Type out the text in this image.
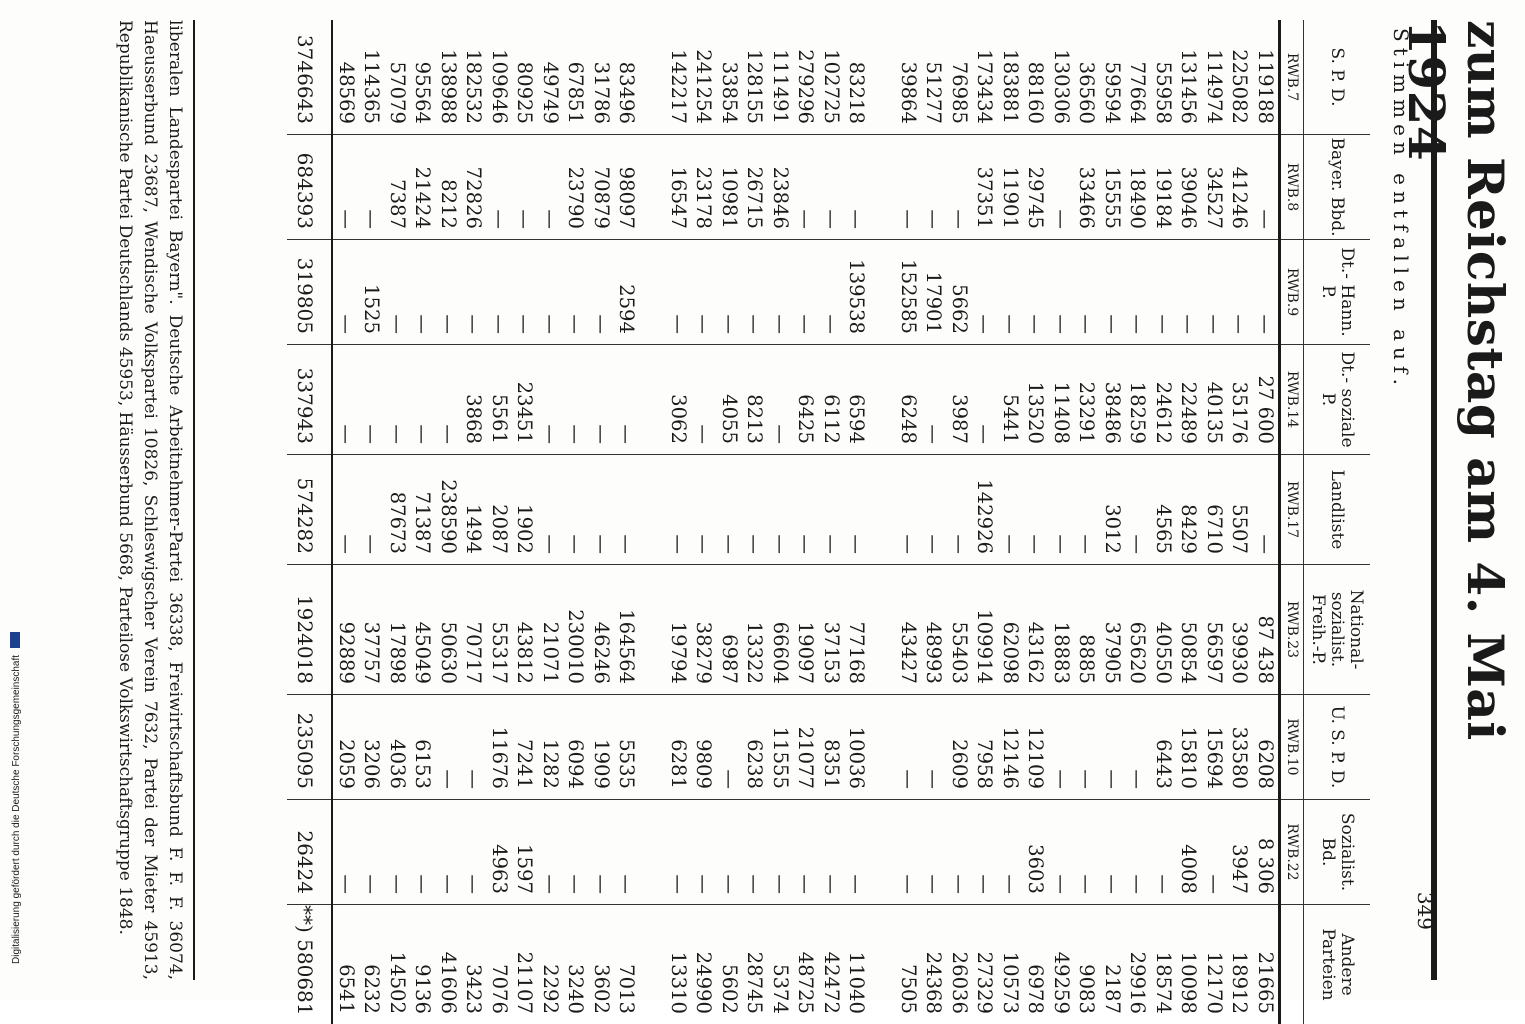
zum Reichstag am 4. Mai 1924
349
Stimmen entfallen auf.
S. P. D.	Bayer. Bbd.	Dt.- Hann. P.	Dt.- soziale P.	Landliste	National- sozialist. Freih.-P.	U. S. P. D.	Sozialist. Bd.	Andere Parteien
RWB.7	RWB.8	RWB.9	RWB.14	RWB.17	RWB.23	RWB.10	RWB.22	
119188	—	—	27 600	—	87 438	6208	8 306	21665
225082	41246	—	35176	5507	39930	33580	3947	18912
114974	34527	—	40135	6710	56597	15694	—	12170
131456	39046	—	22489	8429	50854	15810	4008	10098
55958	19184	—	24612	4565	40550	6443	—	18574
77664	18490	—	18259	—	65620	—	—	29916
59594	15555	—	38486	3012	37905	—	—	2187
36560	33466	—	23291	—	8885	—	—	9083
130306	—	—	11408	—	18883	—	—	49259
88160	29745	—	13520	—	43162	12109	3603	6978
183881	11901	—	5441	—	62098	12146	—	10573
173434	37351	—	—	142926	109914	7958	—	27329
76985	—	5662	3987	—	55403	2609	—	26036
51277	—	17901	—	—	48993	—	—	24368
39864	—	152585	6248	—	43427	—	—	7505

83218	—	139538	6594	—	77168	10036	—	11040
102725	—	—	6112	—	37153	8351	—	42472
279296	—	—	6425	—	19097	21077	—	48725
111491	23846	—	—	—	66604	11555	—	5374
128155	26715	—	8213	—	13322	6238	—	28745
33854	10981	—	4055	—	6987	—	—	5602
241254	23178	—	—	—	38279	9809	—	24990
142217	16547	—	3062	—	19794	6281	—	13310

83496	98097	2594	—	—	164564	5535	—	7013
31786	70879	—	—	—	46246	1909	—	3602
67851	23790	—	—	—	230010	6094	—	3240
49749	—	—	—	—	21071	1282	—	2292
80925	—	—	23451	1902	43812	7241	1597	21107
109646	—	—	5561	2087	55317	11676	4963	7076
182532	72826	—	3868	1494	70717	—	—	3423
138988	8212	—	—	238590	50630	—	—	41606
95564	21424	—	—	71387	45049	6153	—	9136
57079	7387	—	—	87673	17898	4036	—	14502
114365	—	1525	—	—	37757	3206	—	6232
48569	—	—	—	—	92889	2059	—	6541
3746643	684393	319805	337943	574282	1924018	235095	26424	**) 580681

liberalen Landespartei Bayern". Deutsche Arbeitnehmer-Partei 36338, Freiwirtschaftsbund F. F. F. 36074, Haeusserbund 23687, Wendische Volkspartei 10826, Schleswigscher Verein 7632, Partei der Mieter 45913, Republikanische Partei Deutschlands 45953, Häusserbund 5668, Parteilose Volkswirtschaftsgruppe 1848.

Digitalisierung gefördert durch die Deutsche Forschungsgemeinschaft
